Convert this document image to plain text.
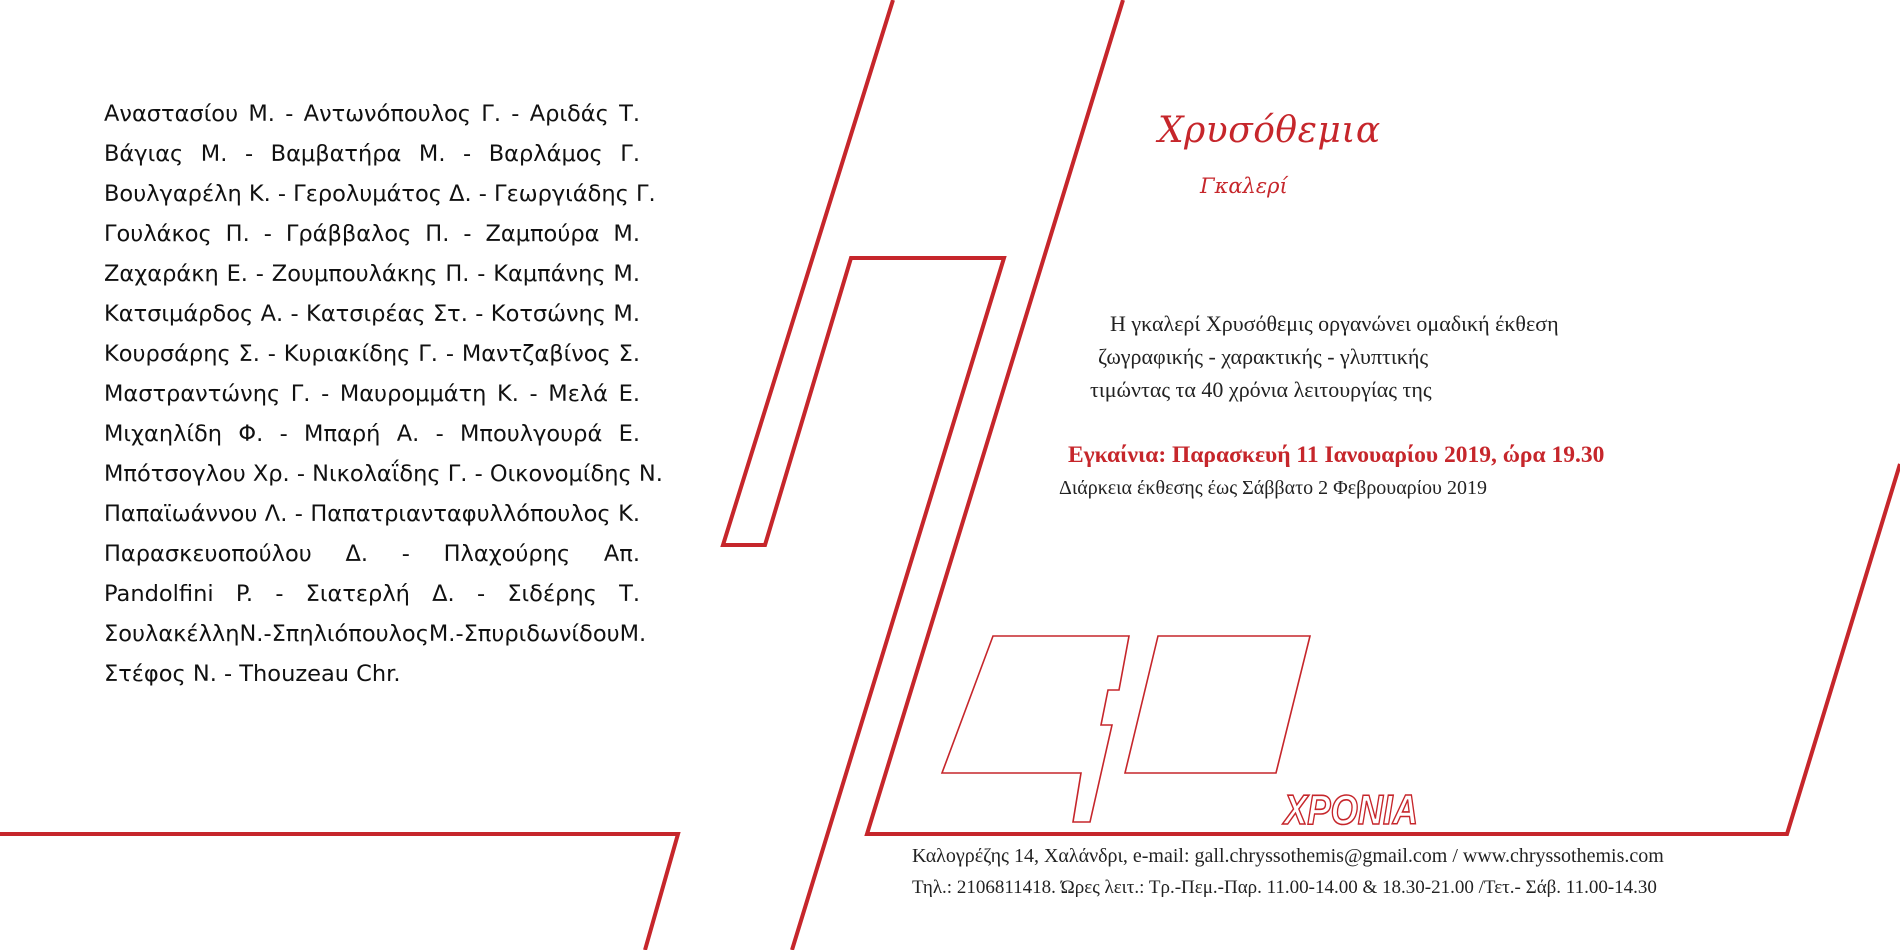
ΧΡΟΝΙΑ
Αναστασίου Μ. - Αντωνόπουλος Γ. - Αριδάς Τ.
Βάγιας Μ. - Βαμβατήρα Μ. - Βαρλάμος Γ.
Βουλγαρέλη Κ. - Γερολυμάτος Δ. - Γεωργιάδης Γ.
Γουλάκος Π. - Γράββαλος Π. - Ζαμπούρα Μ.
Ζαχαράκη Ε. - Ζουμπουλάκης Π. - Καμπάνης Μ.
Κατσιμάρδος Α. - Κατσιρέας Στ. - Κοτσώνης Μ.
Κουρσάρης Σ. - Κυριακίδης Γ. - Μαντζαβίνος Σ.
Μαστραντώνης Γ. - Μαυρομμάτη Κ. - Μελά Ε.
Μιχαηλίδη Φ. - Μπαρή Α. - Μπουλγουρά Ε.
Μπότσογλου Χρ. - Νικολαΐδης Γ. - Οικονομίδης Ν.
Παπαϊωάννου Λ. - Παπατριανταφυλλόπουλος Κ.
Παρασκευοπούλου Δ. - Πλαχούρης Απ.
Pandolfini P. - Σιατερλή Δ. - Σιδέρης Τ.
ΣουλακέλληΝ.-ΣπηλιόπουλοςΜ.-ΣπυριδωνίδουΜ.
Στέφος Ν. - Thouzeau Chr.
Χρυσόθεμια
Γκαλερί
Η γκαλερί Χρυσόθεμις οργανώνει ομαδική έκθεση
ζωγραφικής - χαρακτικής - γλυπτικής
τιμώντας τα 40 χρόνια λειτουργίας της
Εγκαίνια: Παρασκευή 11 Ιανουαρίου 2019, ώρα 19.30
Διάρκεια έκθεσης έως Σάββατο 2 Φεβρουαρίου 2019
Καλογρέζης 14, Χαλάνδρι, e-mail: gall.chryssothemis@gmail.com / www.chryssothemis.com
Τηλ.: 2106811418. Ώρες λειτ.: Τρ.-Πεμ.-Παρ. 11.00-14.00 & 18.30-21.00 /Τετ.- Σάβ. 11.00-14.30
